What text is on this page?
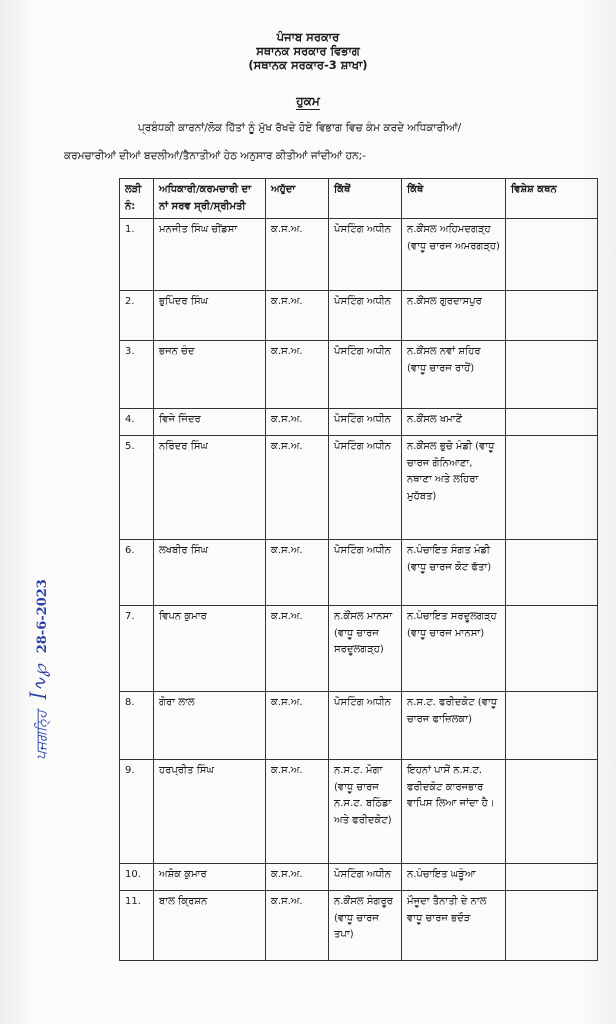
ਪੰਜਾਬ ਸਰਕਾਰ
ਸਥਾਨਕ ਸਰਕਾਰ ਵਿਭਾਗ
(ਸਥਾਨਕ ਸਰਕਾਰ-3 ਸ਼ਾਖਾ)
ਹੁਕਮ
ਪ੍ਰਬੰਧਕੀ ਕਾਰਨਾਂ/ਲੋਕ ਹਿੱਤਾਂ ਨੂੰ ਮੁੱਖ ਰੱਖਦੇ ਹੋਏ ਵਿਭਾਗ ਵਿਚ ਕੰਮ ਕਰਦੇ ਅਧਿਕਾਰੀਆਂ/
ਕਰਮਚਾਰੀਆਂ ਦੀਆਂ ਬਦਲੀਆਂ/ਤੈਨਾਤੀਆਂ ਹੇਠ ਅਨੁਸਾਰ ਕੀਤੀਆਂ ਜਾਂਦੀਆਂ ਹਨ;-
ਲੜੀ ਨੰ:	ਅਧਿਕਾਰੀ/ਕਰਮਚਾਰੀ ਦਾ ਨਾਂ ਸਰਵ ਸ੍ਰੀ/ਸ੍ਰੀਮਤੀ	ਅਹੁੱਦਾ	ਕਿੱਥੋਂ	ਕਿੱਥੇ	ਵਿਸ਼ੇਸ਼ ਕਥਨ
1.	ਮਨਜੀਤ ਸਿੰਘ ਚੀਂਡਸਾ	ਕ.ਸ.ਅ.	ਪੋਸਟਿੰਗ ਅਧੀਨ	ਨ.ਕੌਂਸਲ ਅਹਿਮਦਗੜ੍ਹ (ਵਾਧੂ ਚਾਰਜ ਅਮਰਗੜ੍ਹ)	
2.	ਭੁਪਿੰਦਰ ਸਿੰਘ	ਕ.ਸ.ਅ.	ਪੋਸਟਿੰਗ ਅਧੀਨ	ਨ.ਕੌਂਸਲ ਗੁਰਦਾਸਪੁਰ	
3.	ਭਜਨ ਚੰਦ	ਕ.ਸ.ਅ.	ਪੋਸਟਿੰਗ ਅਧੀਨ	ਨ.ਕੌਂਸਲ ਨਵਾਂ ਸ਼ਹਿਰ (ਵਾਧੂ ਚਾਰਜ ਰਾਹੋਂ)	
4.	ਵਿਜੇ ਜਿੰਦਰ	ਕ.ਸ.ਅ.	ਪੋਸਟਿੰਗ ਅਧੀਨ	ਨ.ਕੌਂਸਲ ਖਮਾਣੋਂ	
5.	ਨਰਿੰਦਰ ਸਿੰਘ	ਕ.ਸ.ਅ.	ਪੋਸਟਿੰਗ ਅਧੀਨ	ਨ.ਕੌਂਸਲ ਭੁਚੋ ਮੰਡੀ (ਵਾਧੂ ਚਾਰਜ ਗੋਨਿਆਣਾ, ਨਥਾਣਾ ਅਤੇ ਲਹਿਰਾ ਮੁਹੱਬਤ)	
6.	ਲਖਬੀਰ ਸਿੰਘ	ਕ.ਸ.ਅ.	ਪੋਸਟਿੰਗ ਅਧੀਨ	ਨ.ਪੰਚਾਇਤ ਸੰਗਤ ਮੰਡੀ (ਵਾਧੂ ਚਾਰਜ ਕੋਟ ਫੱਤਾ)	
7.	ਵਿਪਨ ਕੁਮਾਰ	ਕ.ਸ.ਅ.	ਨ.ਕੌਂਸਲ ਮਾਨਸਾ (ਵਾਧੂ ਚਾਰਜ ਸਰਦੂਲਗੜ੍ਹ)	ਨ.ਪੰਚਾਇਤ ਸਰਦੂਲਗੜ੍ਹ (ਵਾਧੂ ਚਾਰਜ ਮਾਨਸਾ)	
8.	ਗੋਰਾ ਲਾਲ	ਕ.ਸ.ਅ.	ਪੋਸਟਿੰਗ ਅਧੀਨ	ਨ.ਸ.ਟ. ਫਰੀਦਕੋਟ (ਵਾਧੂ ਚਾਰਜ ਫਾਜ਼ਿਲਕਾ)	
9.	ਹਰਪ੍ਰੀਤ ਸਿੰਘ	ਕ.ਸ.ਅ.	ਨ.ਸ.ਟ. ਮੋਗਾ (ਵਾਧੂ ਚਾਰਜ ਨ.ਸ.ਟ. ਬਠਿੰਡਾ ਅਤੇ ਫਰੀਦਕੋਟ)	ਇਹਨਾਂ ਪਾਸੋਂ ਨ.ਸ.ਟ. ਫਰੀਦਕੋਟ ਕਾਰਜਭਾਰ ਵਾਪਿਸ ਲਿਆ ਜਾਂਦਾ ਹੈ।	
10.	ਅਸ਼ੋਕ ਕੁਮਾਰ	ਕ.ਸ.ਅ.	ਪੋਸਟਿੰਗ ਅਧੀਨ	ਨ.ਪੰਚਾਇਤ ਘੜੂੰਆ	
11.	ਬਾਲ ਕ੍ਰਿਸ਼ਨ	ਕ.ਸ.ਅ.	ਨ.ਕੌਂਸਲ ਸੰਗਰੂਰ (ਵਾਧੂ ਚਾਰਜ ਤਪਾ)	ਮੌਜੂਦਾ ਤੈਨਾਤੀ ਦੇ ਨਾਲ ਵਾਧੂ ਚਾਰਜ ਭਦੌੜ	
ਪਜਗਨ੍ਹਿ ꟾ∿℘ 28-6-2023
